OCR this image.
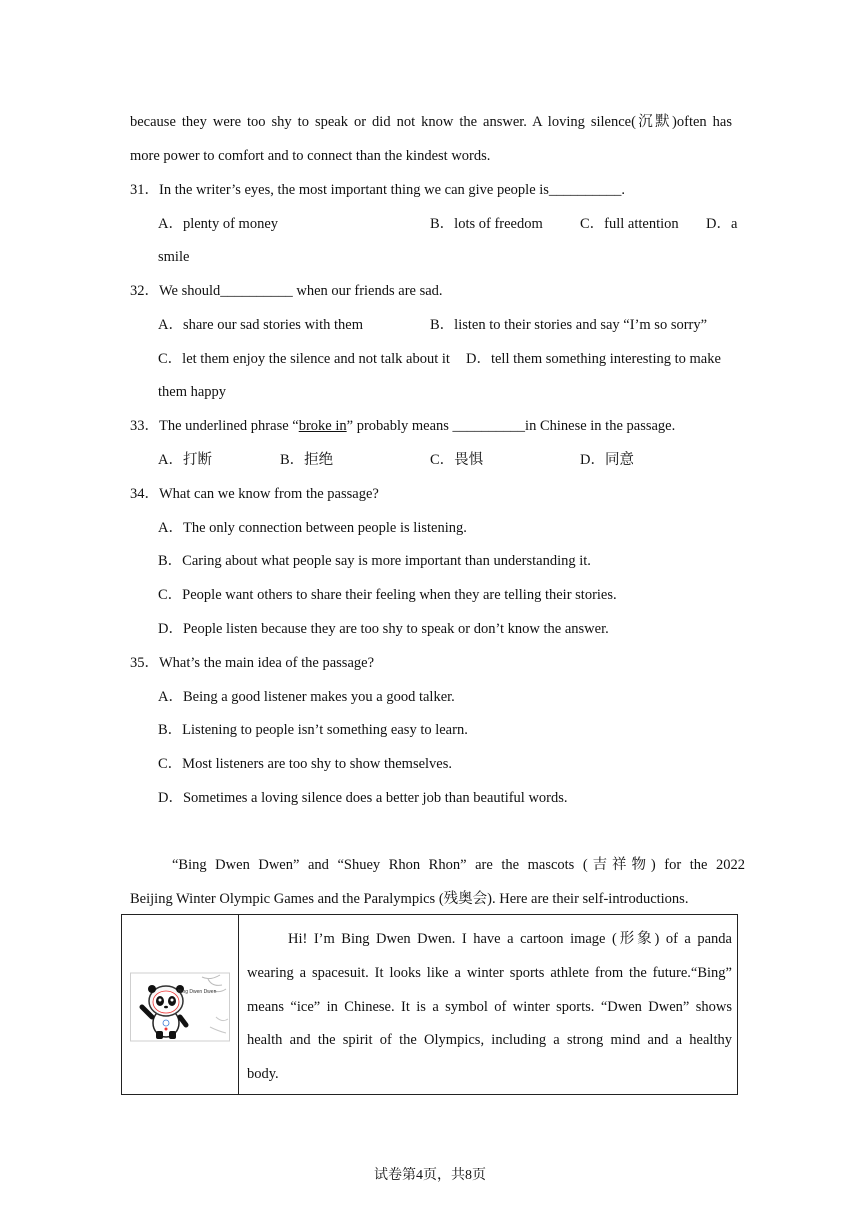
because they were too shy to speak or did not know the answer. A loving silence(沉默)often has
more power to comfort and to connect than the kindest words.
31．In the writer’s eyes, the most important thing we can give people is__________.
A．plenty of money	B．lots of freedom	C．full attention D．a
smile
32．We should__________ when our friends are sad.
A．share our sad stories with them	B．listen to their stories and say “I’m so sorry”
C．let them enjoy the silence and not talk about it D．tell them something interesting to make
them happy
33．The underlined phrase “broke in” probably means __________in Chinese in the passage.
A．打断	B．拒绝	C．畏惧	D．同意
34．What can we know from the passage?
A．The only connection between people is listening.
B．Caring about what people say is more important than understanding it.
C．People want others to share their feeling when they are telling their stories.
D．People listen because they are too shy to speak or don’t know the answer.
35．What’s the main idea of the passage?
A．Being a good listener makes you a good talker.
B．Listening to people isn’t something easy to learn.
C．Most listeners are too shy to show themselves.
D．Sometimes a loving silence does a better job than beautiful words.
“Bing Dwen Dwen” and “Shuey Rhon Rhon” are the mascots (吉祥物) for the 2022
Beijing Winter Olympic Games and the Paralympics (残奥会). Here are their self-introductions.
Bing Dwen Dwen
Hi! I’m Bing Dwen Dwen. I have a cartoon image (形象) of a panda
wearing a spacesuit. It looks like a winter sports athlete from the future.“Bing”
means “ice” in Chinese. It is a symbol of winter sports. “Dwen Dwen” shows
health and the spirit of the Olympics, including a strong mind and a healthy
body.
试卷第4页，共8页
